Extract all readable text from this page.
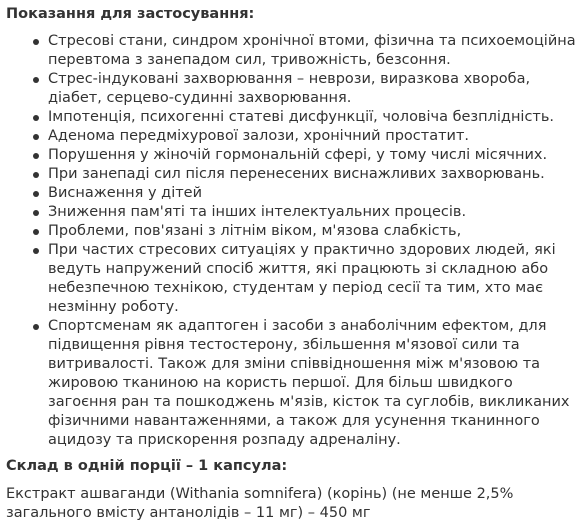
Показання для застосування:

Стресові стани, синдром хронічної втоми, фізична та психоемоційна перевтома з занепадом сил, тривожність, безсоння.
Стрес-індуковані захворювання – неврози, виразкова хвороба, діабет, серцево-судинні захворювання.
Імпотенція, психогенні статеві дисфункції, чоловіча безплідність.
Аденома передміхурової залози, хронічний простатит.
Порушення у жіночій гормональній сфері, у тому числі місячних.
При занепаді сил після перенесених виснажливих захворювань.
Виснаження у дітей
Зниження пам'яті та інших інтелектуальних процесів.
Проблеми, пов'язані з літнім віком, м'язова слабкість,
При частих стресових ситуаціях у практично здорових людей, які ведуть напружений спосіб життя, які працюють зі складною або небезпечною технікою, студентам у період сесії та тим, хто має незмінну роботу.
Спортсменам як адаптоген і засоби з анаболічним ефектом, для підвищення рівня тестостерону, збільшення м'язової сили та витривалості. Також для зміни співвідношення між м'язовою та жировою тканиною на користь першої. Для більш швидкого загоєння ран та пошкоджень м'язів, кісток та суглобів, викликаних фізичними навантаженнями, а також для усунення тканинного ацидозу та прискорення розпаду адреналіну.

Склад в одній порції – 1 капсула:

Екстракт ашваганди (Withania somnifera) (корінь) (не менше 2,5% загального вмісту антанолідів – 11 мг) – 450 мг
